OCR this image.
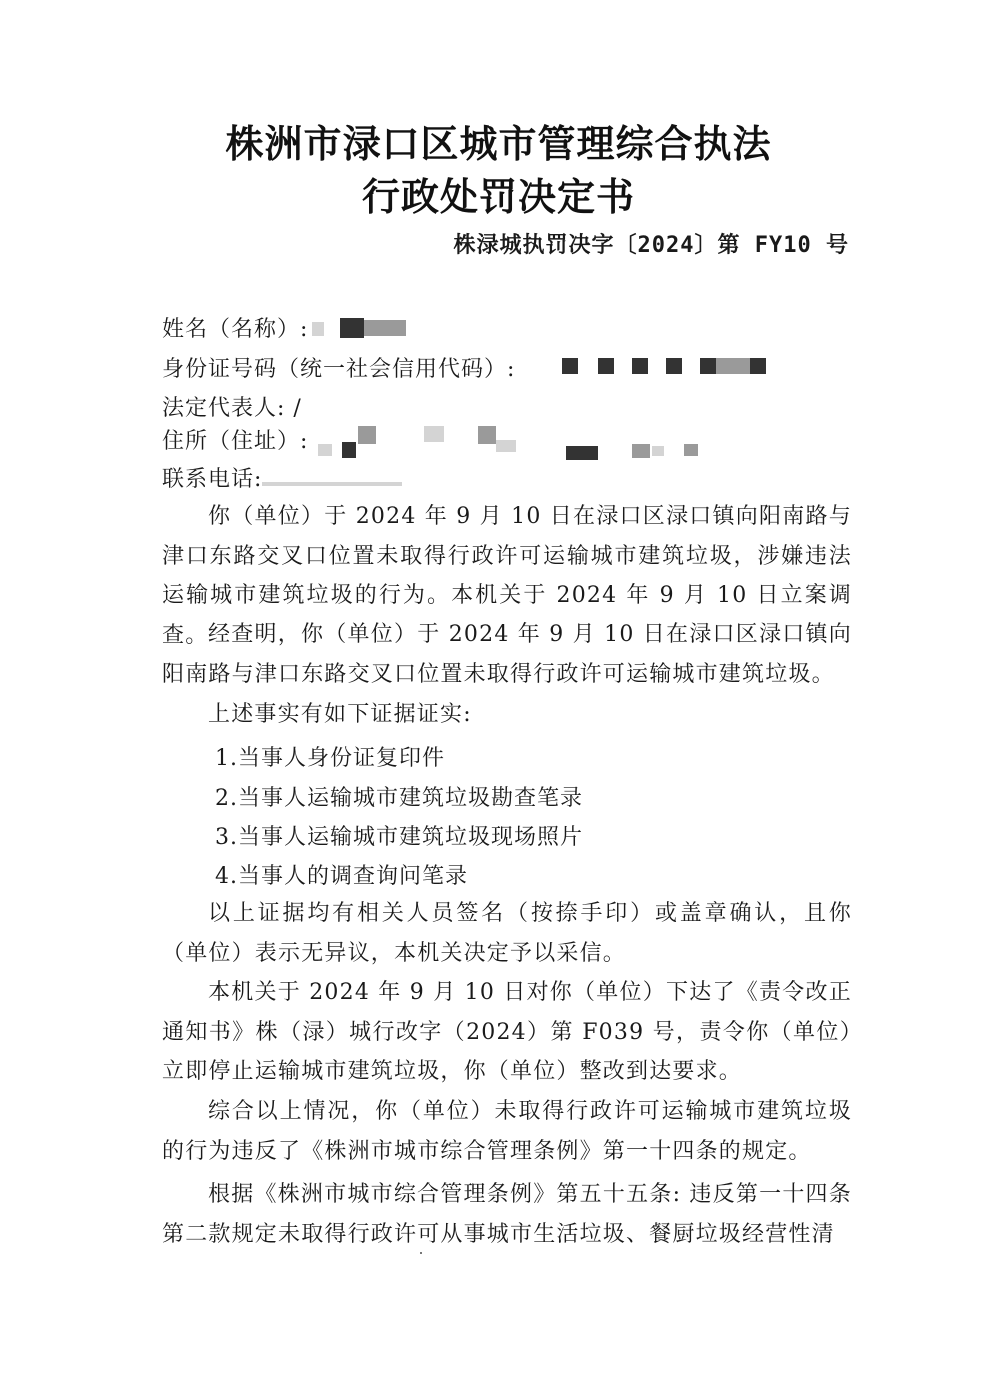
株洲市渌口区城市管理综合执法
行政处罚决定书
株渌城执罚决字〔2024〕第 FY10 号
姓名（名称）:
身份证号码（统一社会信用代码）:
法定代表人: /
住所（住址）:
联系电话:
你（单位）于 2024 年 9 月 10 日在渌口区渌口镇向阳南路与津口东路交叉口位置未取得行政许可运输城市建筑垃圾，涉嫌违法运输城市建筑垃圾的行为。本机关于 2024 年 9 月 10 日立案调查。 经查明，你（单位）于 2024 年 9 月 10 日在渌口区渌口镇向阳南路与津口东路交叉口位置未取得行政许可运输城市建筑垃圾。
上述事实有如下证据证实:
1.当事人身份证复印件
2.当事人运输城市建筑垃圾勘查笔录
3.当事人运输城市建筑垃圾现场照片
4.当事人的调查询问笔录
以上证据均有相关人员签名（按捺手印）或盖章确认，且你（单位）表示无异议，本机关决定予以采信。
本机关于 2024 年 9 月 10 日对你（单位）下达了《责令改正通知书》株（渌）城行改字（2024）第 F039 号，责令你（单位）立即停止运输城市建筑垃圾，你（单位）整改到达要求。
综合以上情况，你（单位）未取得行政许可运输城市建筑垃圾的行为违反了《株洲市城市综合管理条例》第一十四条的规定。
根据《株洲市城市综合管理条例》第五十五条: 违反第一十四条第二款规定未取得行政许可从事城市生活垃圾、餐厨垃圾经营性清
